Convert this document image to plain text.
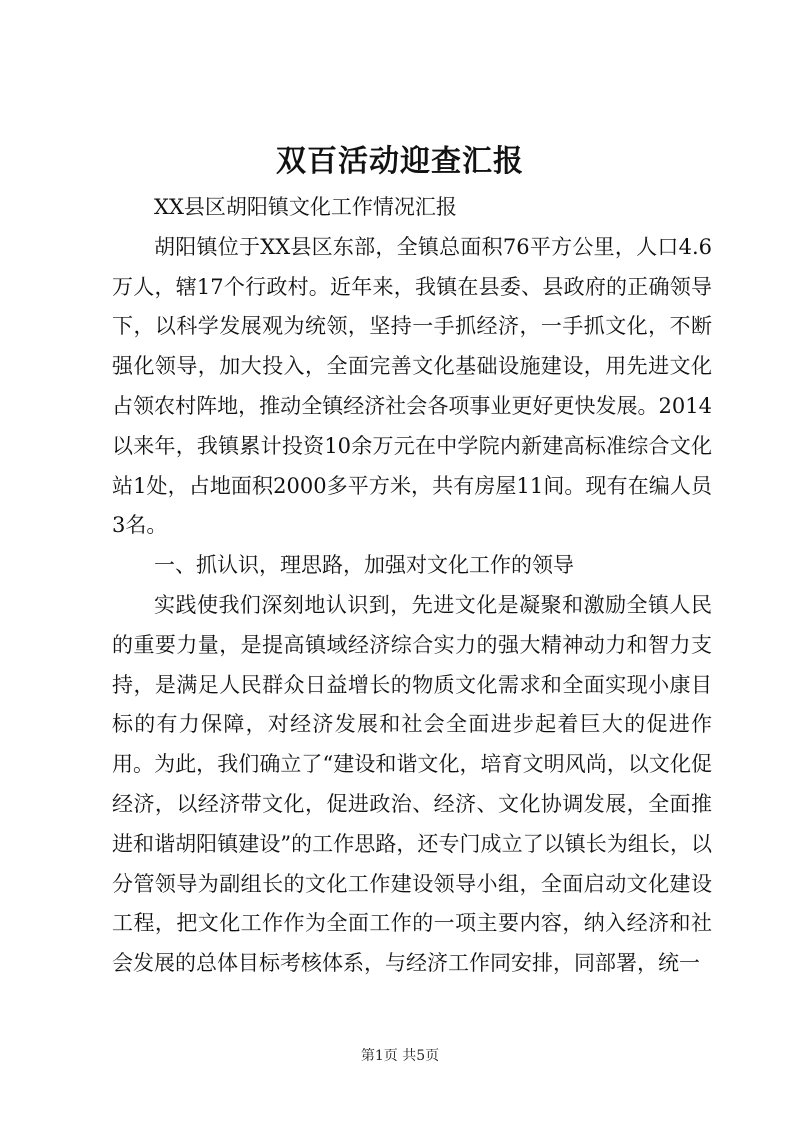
双百活动迎查汇报

XX县区胡阳镇文化工作情况汇报

胡阳镇位于XX县区东部，全镇总面积76平方公里，人口4.6万人，辖17个行政村。近年来，我镇在县委、县政府的正确领导下，以科学发展观为统领，坚持一手抓经济，一手抓文化，不断强化领导，加大投入，全面完善文化基础设施建设，用先进文化占领农村阵地，推动全镇经济社会各项事业更好更快发展。2014以来年，我镇累计投资10余万元在中学院内新建高标准综合文化站1处，占地面积2000多平方米，共有房屋11间。现有在编人员3名。

一、抓认识，理思路，加强对文化工作的领导

实践使我们深刻地认识到，先进文化是凝聚和激励全镇人民的重要力量，是提高镇域经济综合实力的强大精神动力和智力支持，是满足人民群众日益增长的物质文化需求和全面实现小康目标的有力保障，对经济发展和社会全面进步起着巨大的促进作用。为此，我们确立了“建设和谐文化，培育文明风尚，以文化促经济，以经济带文化，促进政治、经济、文化协调发展，全面推进和谐胡阳镇建设”的工作思路，还专门成立了以镇长为组长，以分管领导为副组长的文化工作建设领导小组，全面启动文化建设工程，把文化工作作为全面工作的一项主要内容，纳入经济和社会发展的总体目标考核体系，与经济工作同安排，同部署，统一

第1页 共5页
